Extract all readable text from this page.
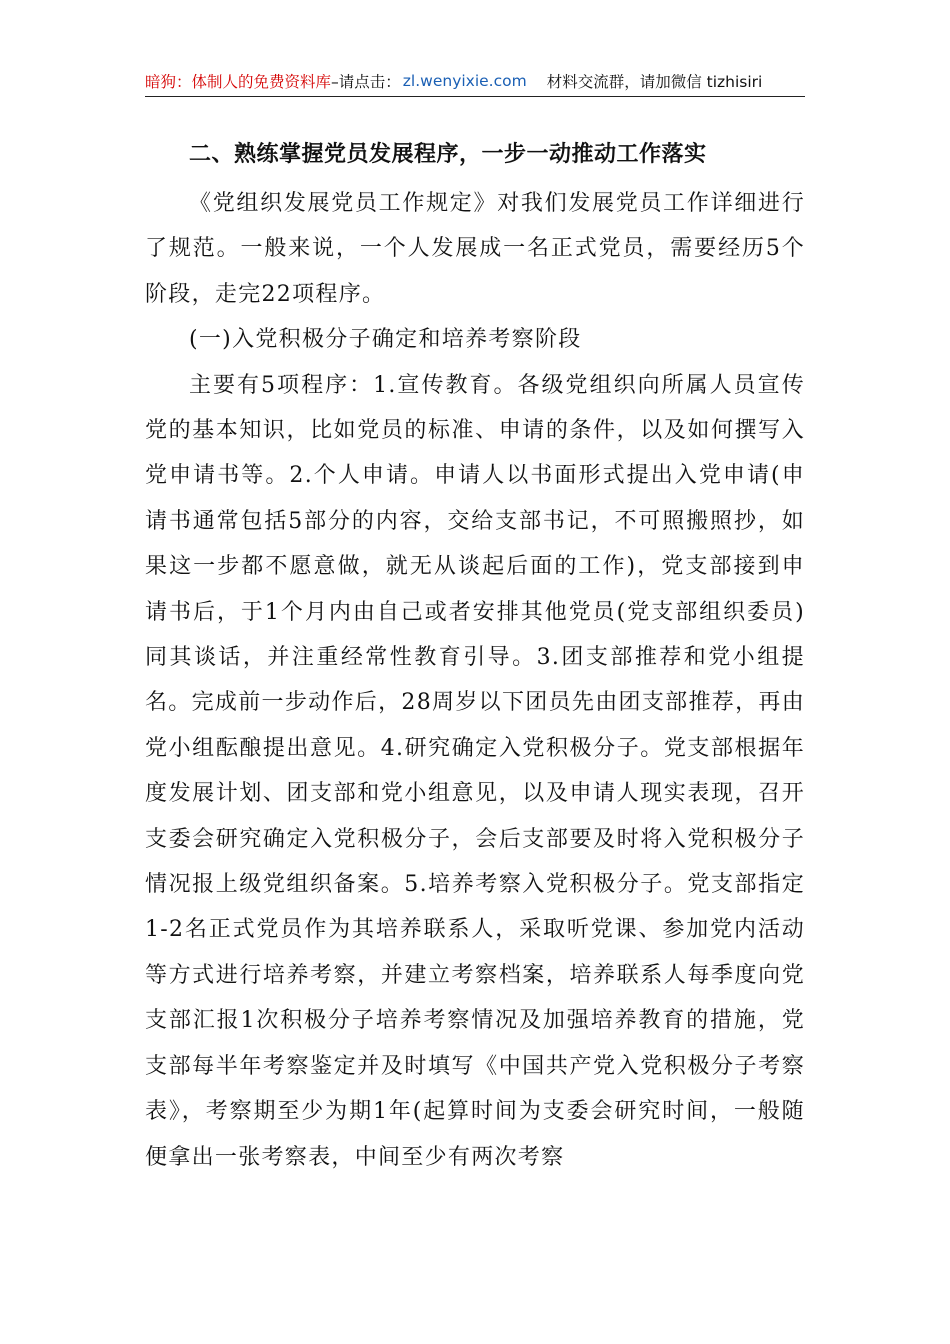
暗狗：体制人的免费资料库 –请点击： zl.wenyixie.com 材料交流群，请加微信 tizhisiri
二、熟练掌握党员发展程序，一步一动推动工作落实

《党组织发展党员工作规定》对我们发展党员工作详细进行了规范。一般来说，一个人发展成一名正式党员，需要经历5个阶段，走完22项程序。

(一)入党积极分子确定和培养考察阶段

主要有5项程序：1.宣传教育。各级党组织向所属人员宣传党的基本知识，比如党员的标准、申请的条件，以及如何撰写入党申请书等。2.个人申请。申请人以书面形式提出入党申请(申请书通常包括5部分的内容，交给支部书记，不可照搬照抄，如果这一步都不愿意做，就无从谈起后面的工作)，党支部接到申请书后，于1个月内由自己或者安排其他党员(党支部组织委员)同其谈话，并注重经常性教育引导。3.团支部推荐和党小组提名。完成前一步动作后，28周岁以下团员先由团支部推荐，再由党小组酝酿提出意见。4.研究确定入党积极分子。党支部根据年度发展计划、团支部和党小组意见，以及申请人现实表现，召开支委会研究确定入党积极分子，会后支部要及时将入党积极分子情况报上级党组织备案。5.培养考察入党积极分子。党支部指定1-2名正式党员作为其培养联系人，采取听党课、参加党内活动等方式进行培养考察，并建立考察档案，培养联系人每季度向党支部汇报1次积极分子培养考察情况及加强培养教育的措施，党支部每半年考察鉴定并及时填写《中国共产党入党积极分子考察表》，考察期至少为期1年(起算时间为支委会研究时间，一般随便拿出一张考察表，中间至少有两次考察
